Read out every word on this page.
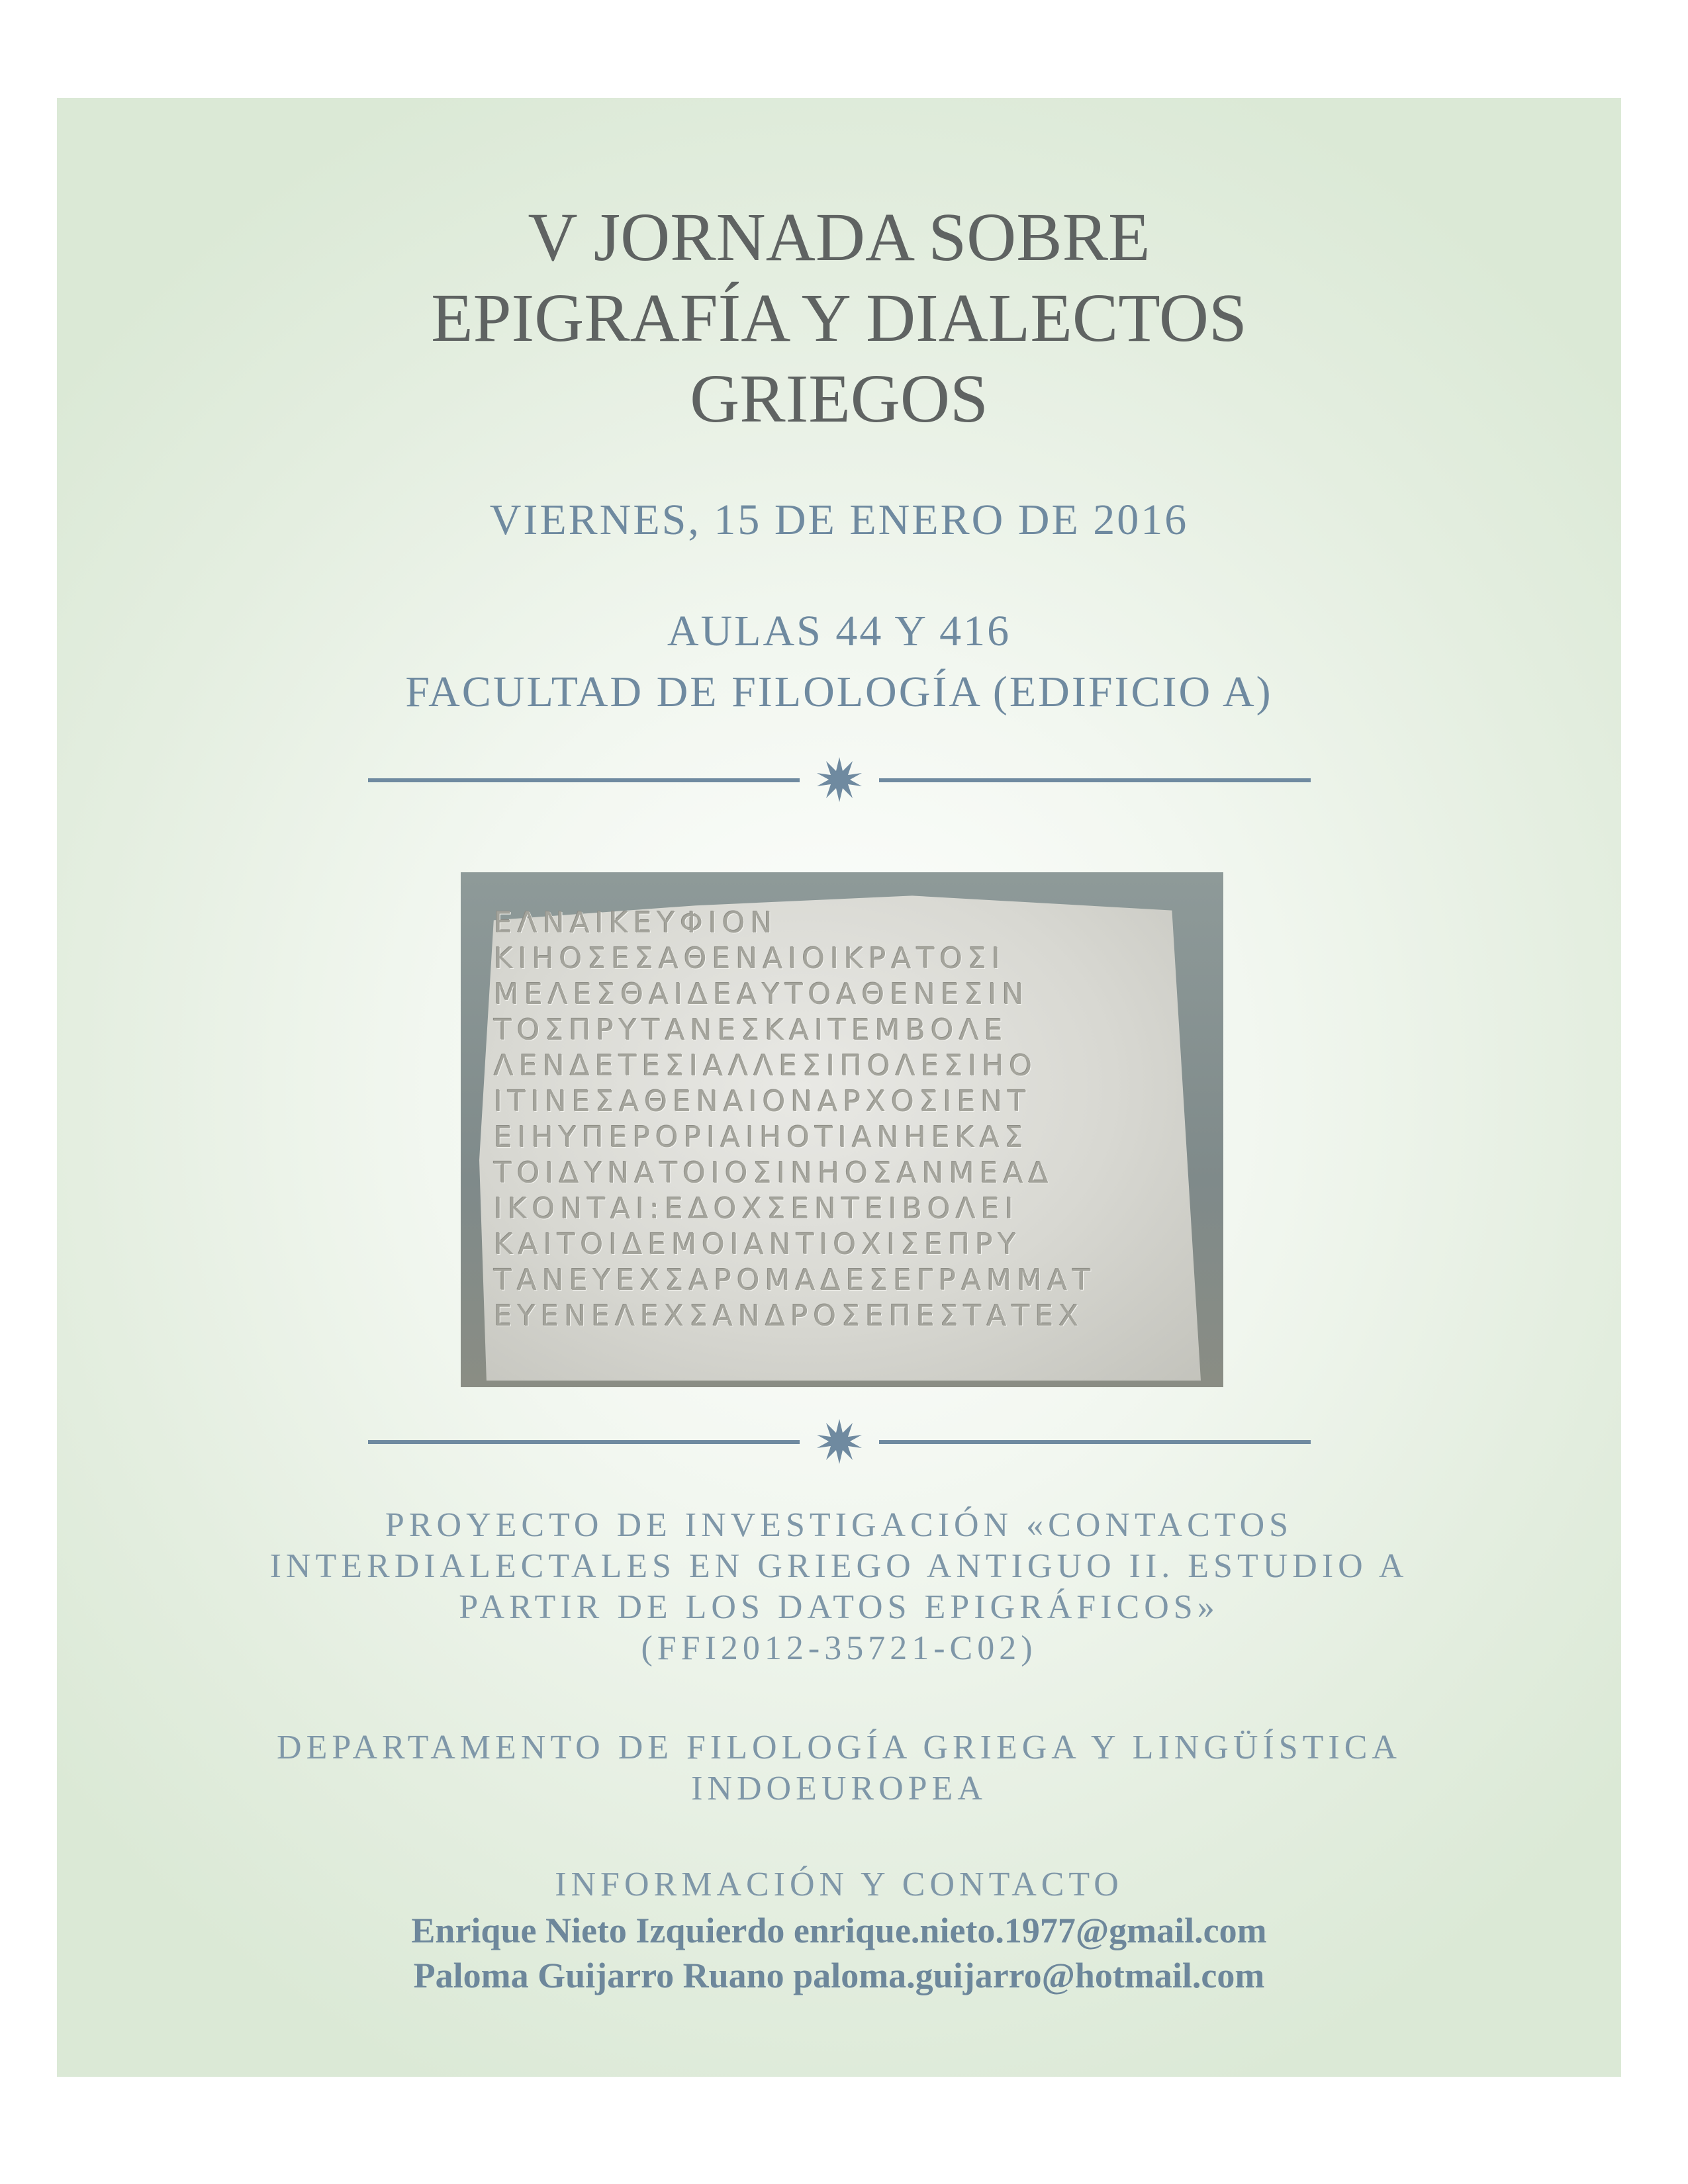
V JORNADA SOBRE
EPIGRAFÍA Y DIALECTOS
GRIEGOS
VIERNES, 15 DE ENERO DE 2016
AULAS 44 Y 416
FACULTAD DE FILOLOGÍA (EDIFICIO A)
ΕΛΝΑΙΚΕΥΦΙΟΝ
ΚΙΗΟΣΕΣΑΘΕΝΑΙΟΙΚΡΑΤΟΣΙ
ΜΕΛΕΣΘΑΙΔΕΑΥΤΟΑΘΕΝΕΣΙΝ
ΤΟΣΠΡΥΤΑΝΕΣΚΑΙΤΕΜΒΟΛΕ
ΛΕΝΔΕΤΕΣΙΑΛΛΕΣΙΠΟΛΕΣΙΗΟ
ΙΤΙΝΕΣΑΘΕΝΑΙΟΝΑΡΧΟΣΙΕΝΤ
ΕΙΗΥΠΕΡΟΡΙΑΙΗΟΤΙΑΝΗΕΚΑΣ
ΤΟΙΔΥΝΑΤΟΙΟΣΙΝΗΟΣΑΝΜΕΑΔ
ΙΚΟΝΤΑΙ:ΕΔΟΧΣΕΝΤΕΙΒΟΛΕΙ
ΚΑΙΤΟΙΔΕΜΟΙΑΝΤΙΟΧΙΣΕΠΡΥ
ΤΑΝΕΥΕΧΣΑΡΟΜΑΔΕΣΕΓΡΑΜΜΑΤ
ΕΥΕΝΕΛΕΧΣΑΝΔΡΟΣΕΠΕΣΤΑΤΕΧ
PROYECTO DE INVESTIGACIÓN «CONTACTOS
INTERDIALECTALES EN GRIEGO ANTIGUO II. ESTUDIO A
PARTIR DE LOS DATOS EPIGRÁFICOS»
(FFI2012-35721-C02)
DEPARTAMENTO DE FILOLOGÍA GRIEGA Y LINGÜÍSTICA
INDOEUROPEA
INFORMACIÓN Y CONTACTO
Enrique Nieto Izquierdo enrique.nieto.1977@gmail.com
Paloma Guijarro Ruano paloma.guijarro@hotmail.com
